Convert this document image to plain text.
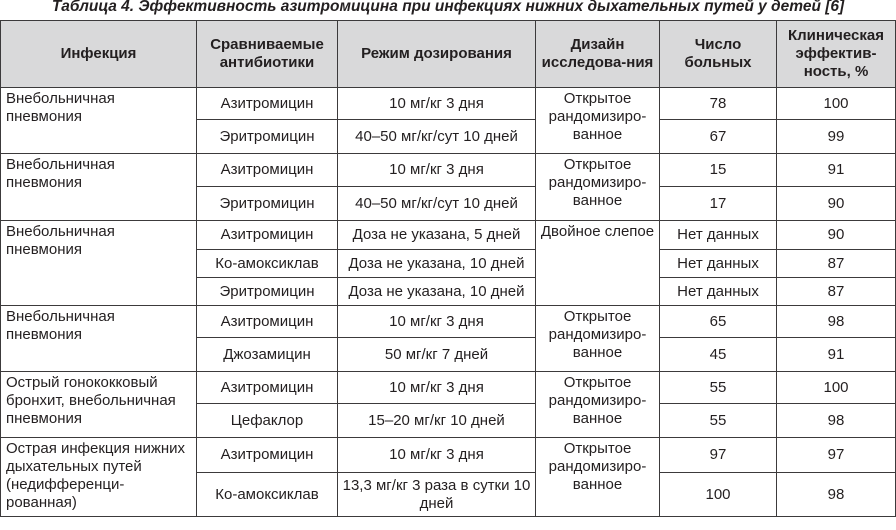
Таблица 4. Эффективность азитромицина при инфекциях нижних дыхательных путей у детей [6]
Инфекция	Сравниваемые антибиотики	Режим дозирования	Дизайн исследова-ния	Число больных	Клиническая эффектив-ность, %
Внебольничная пневмония	Азитромицин	10 мг/кг 3 дня	Открытое рандомизиро-ванное	78	100
	Эритромицин	40–50 мг/кг/сут 10 дней		67	99
Внебольничная пневмония	Азитромицин	10 мг/кг 3 дня	Открытое рандомизиро-ванное	15	91
	Эритромицин	40–50 мг/кг/сут 10 дней		17	90
Внебольничная пневмония	Азитромицин	Доза не указана, 5 дней	Двойное слепое	Нет данных	90
	Ко-амоксиклав	Доза не указана, 10 дней		Нет данных	87
	Эритромицин	Доза не указана, 10 дней		Нет данных	87
Внебольничная пневмония	Азитромицин	10 мг/кг 3 дня	Открытое рандомизиро-ванное	65	98
	Джозамицин	50 мг/кг 7 дней		45	91
Острый гонококковый бронхит, внебольничная пневмония	Азитромицин	10 мг/кг 3 дня	Открытое рандомизиро-ванное	55	100
	Цефаклор	15–20 мг/кг 10 дней		55	98
Острая инфекция нижних дыхательных путей (недифференци-рованная)	Азитромицин	10 мг/кг 3 дня	Открытое рандомизиро-ванное	97	97
	Ко-амоксиклав	13,3 мг/кг 3 раза в сутки 10 дней		100	98
